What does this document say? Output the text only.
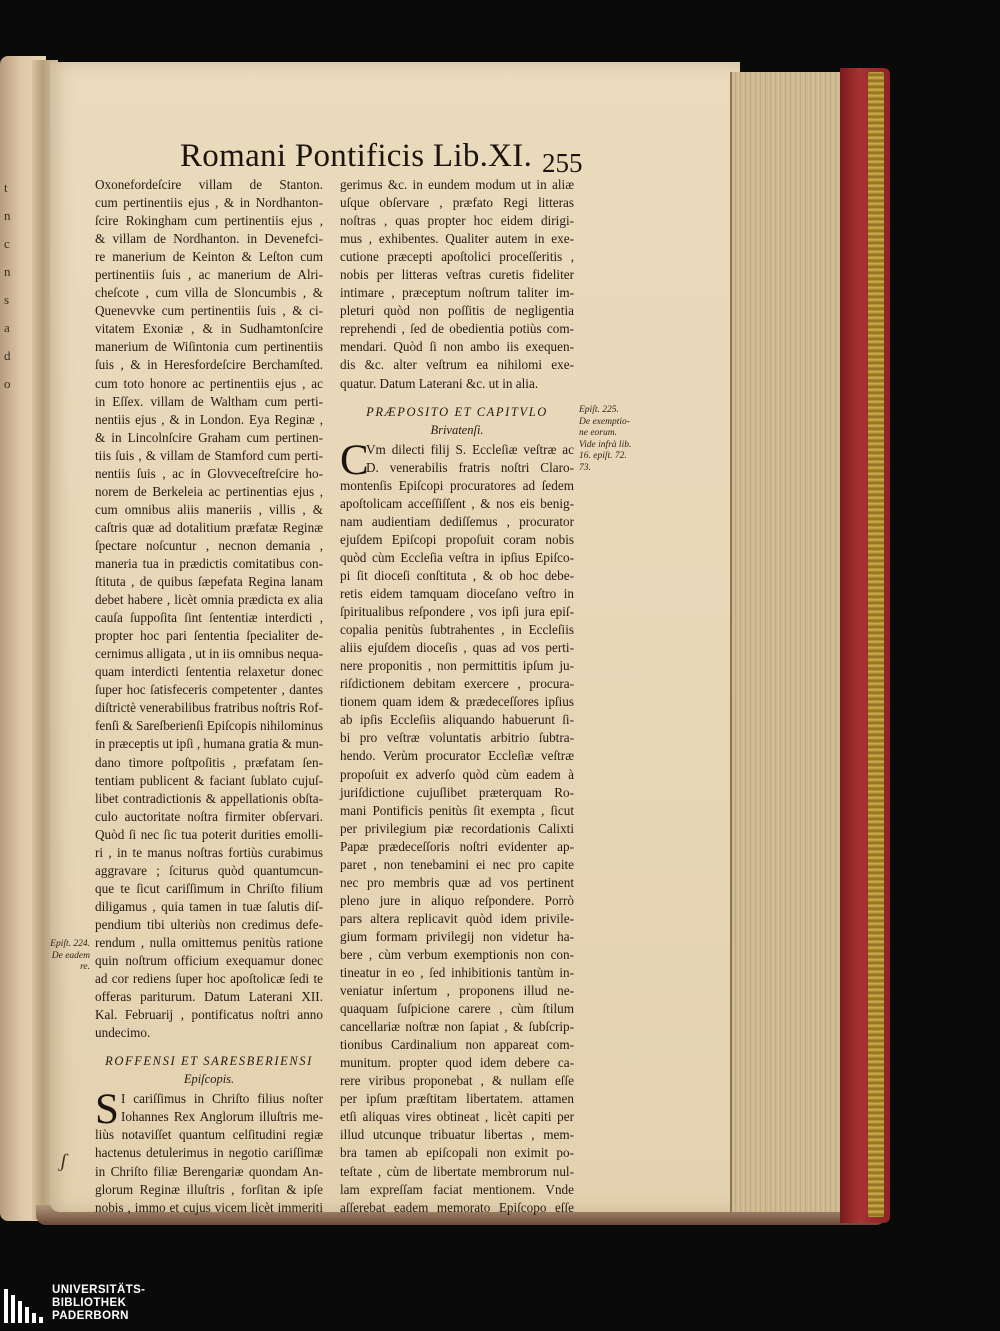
t
n
c
n
s
a
d
o
Romani Pontificis Lib.XI. 255
Oxonefordeſcire villam de Stanton.
cum pertinentiis ejus , & in Nordhanton-
ſcire Rokingham cum pertinentiis ejus ,
& villam de Nordhanton. in Devenefci-
re manerium de Keinton & Leſton cum
pertinentiis ſuis , ac manerium de Alri-
cheſcote , cum villa de Sloncumbis , &
Quenevvke cum pertinentiis ſuis , & ci-
vitatem Exoniæ , & in Sudhamtonſcire
manerium de Wiſintonia cum pertinentiis
ſuis , & in Heresfordeſcire Berchamſted.
cum toto honore ac pertinentiis ejus , ac
in Eſſex. villam de Waltham cum perti-
nentiis ejus , & in London. Eya Reginæ ,
& in Lincolnſcire Graham cum pertinen-
tiis ſuis , & villam de Stamford cum perti-
nentiis ſuis , ac in Glovveceſtreſcire ho-
norem de Berkeleia ac pertinentias ejus ,
cum omnibus aliis maneriis , villis , &
caſtris quæ ad dotalitium præfatæ Reginæ
ſpectare noſcuntur , necnon demania ,
maneria tua in prædictis comitatibus con-
ſtituta , de quibus ſæpefata Regina lanam
debet habere , licèt omnia prædicta ex alia
cauſa ſuppoſita ſint ſententiæ interdicti ,
propter hoc pari ſententia ſpecialiter de-
cernimus alligata , ut in iis omnibus nequa-
quam interdicti ſententia relaxetur donec
ſuper hoc ſatisfeceris competenter , dantes
diſtrictè venerabilibus fratribus noſtris Rof-
fenſi & Sareſberienſi Epiſcopis nihilominus
in præceptis ut ipſi , humana gratia & mun-
dano timore poſtpoſitis , præfatam ſen-
tentiam publicent & faciant ſublato cujuſ-
libet contradictionis & appellationis obſta-
culo auctoritate noſtra firmiter obſervari.
Quòd ſi nec ſic tua poterit durities emolli-
ri , in te manus noſtras fortiùs curabimus
aggravare ; ſciturus quòd quantumcun-
que te ſicut cariſſimum in Chriſto filium
diligamus , quia tamen in tuæ ſalutis diſ-
pendium tibi ulteriùs non credimus defe-
rendum , nulla omittemus penitùs ratione
quin noſtrum officium exequamur donec
ad cor rediens ſuper hoc apoſtolicæ ſedi te
offeras pariturum. Datum Laterani XII.
Kal. Februarij , pontificatus noſtri anno
undecimo.
ROFFENSI ET SARESBERIENSI
Epiſcopis.
S I cariſſimus in Chriſto filius noſter
Iohannes Rex Anglorum illuſtris me-
liùs notaviſſet quantum celſitudini regiæ
hactenus detulerimus in negotio cariſſimæ
in Chriſto filiæ Berengariæ quondam An-
glorum Reginæ illuſtris , forſitan & ipſe
nobis , immo et cujus vicem licèt immeriti
gerimus &c. in eundem modum ut in aliæ
uſque obſervare , præfato Regi litteras
noſtras , quas propter hoc eidem dirigi-
mus , exhibentes. Qualiter autem in exe-
cutione præcepti apoſtolici proceſſeritis ,
nobis per litteras veſtras curetis fideliter
intimare , præceptum noſtrum taliter im-
pleturi quòd non poſſitis de negligentia
reprehendi , ſed de obedientia potiùs com-
mendari. Quòd ſi non ambo iis exequen-
dis &c. alter veſtrum ea nihilomi exe-
quatur. Datum Laterani &c. ut in alia.
PRÆPOSITO ET CAPITVLO
Brivatenſi.
C
Vm dilecti filij S. Eccleſiæ veſtræ ac
D. venerabilis fratris noſtri Claro-
montenſis Epiſcopi procuratores ad ſedem
apoſtolicam acceſſiſſent , & nos eis benig-
nam audientiam dediſſemus , procurator
ejuſdem Epiſcopi propoſuit coram nobis
quòd cùm Eccleſia veſtra in ipſius Epiſco-
pi ſit dioceſi conſtituta , & ob hoc debe-
retis eidem tamquam dioceſano veſtro in
ſpiritualibus reſpondere , vos ipſi jura epiſ-
copalia penitùs ſubtrahentes , in Eccleſiis
aliis ejuſdem dioceſis , quas ad vos perti-
nere proponitis , non permittitis ipſum ju-
riſdictionem debitam exercere , procura-
tionem quam idem & prædeceſſores ipſius
ab ipſis Eccleſiis aliquando habuerunt ſi-
bi pro veſtræ voluntatis arbitrio ſubtra-
hendo. Verùm procurator Eccleſiæ veſtræ
propoſuit ex adverſo quòd cùm eadem à
juriſdictione cujuſlibet præterquam Ro-
mani Pontificis penitùs ſit exempta , ſicut
per privilegium piæ recordationis Calixti
Papæ prædeceſſoris noſtri evidenter ap-
paret , non tenebamini ei nec pro capite
nec pro membris quæ ad vos pertinent
pleno jure in aliquo reſpondere. Porrò
pars altera replicavit quòd idem privile-
gium formam privilegij non videtur ha-
bere , cùm verbum exemptionis non con-
tineatur in eo , ſed inhibitionis tantùm in-
veniatur inſertum , proponens illud ne-
quaquam ſuſpicione carere , cùm ſtilum
cancellariæ noſtræ non ſapiat , & ſubſcrip-
tionibus Cardinalium non appareat com-
munitum. propter quod idem debere ca-
rere viribus proponebat , & nullam eſſe
per ipſum præſtitam libertatem. attamen
etſi aliquas vires obtineat , licèt capiti per
illud utcunque tribuatur libertas , mem-
bra tamen ab epiſcopali non eximit po-
teſtate , cùm de libertate membrorum nul-
lam expreſſam faciat mentionem. Vnde
aſſerebat eadem memorato Epiſcopo eſſe
Epiſt. 224.
De eadem re.
Epiſt. 225.
De exemptio-
ne eorum.
Vide infrà lib.
16. epiſt. 72.
73.
ʃ
UNIVERSITÄTS-
BIBLIOTHEK
PADERBORN
